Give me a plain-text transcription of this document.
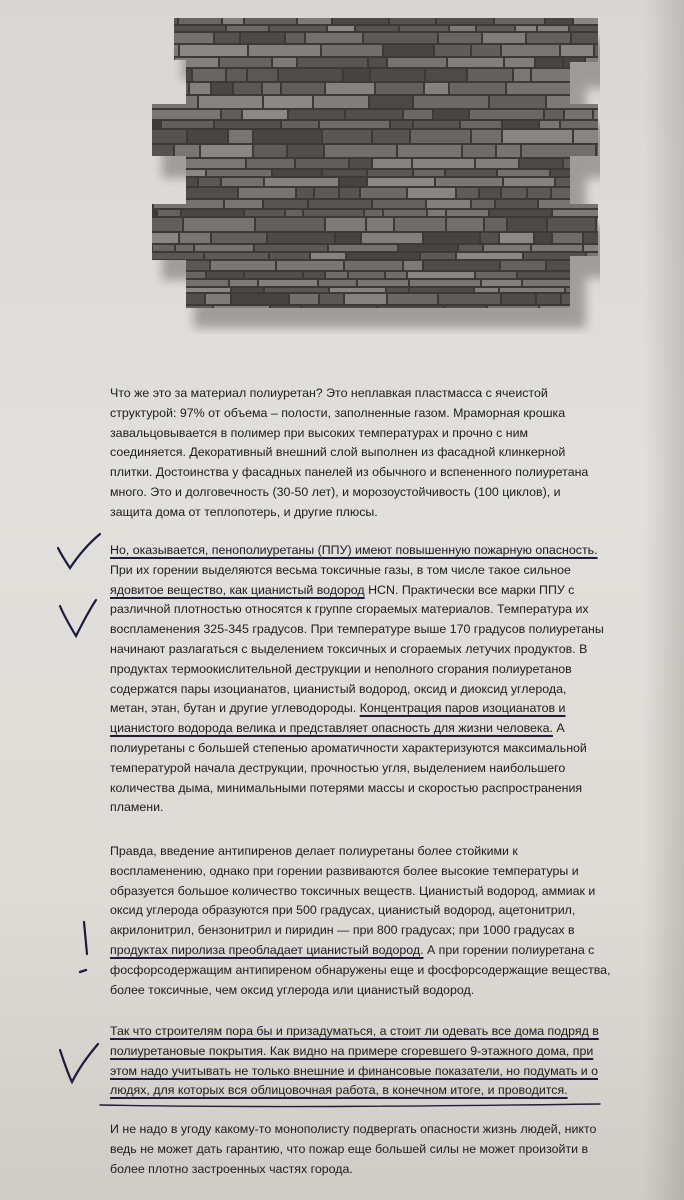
Что же это за материал полиуретан? Это неплавкая пластмасса с ячеистой
структурой: 97% от объема – полости, заполненные газом. Мраморная крошка
завальцовывается в полимер при высоких температурах и прочно с ним
соединяется. Декоративный внешний слой выполнен из фасадной клинкерной
плитки. Достоинства у фасадных панелей из обычного и вспененного полиуретана
много. Это и долговечность (30-50 лет), и морозоустойчивость (100 циклов), и
защита дома от теплопотерь, и другие плюсы.
Но, оказывается, пенополиуретаны (ППУ) имеют повышенную пожарную опасность.
При их горении выделяются весьма токсичные газы, в том числе такое сильное
ядовитое вещество, как цианистый водород HCN. Практически все марки ППУ с
различной плотностью относятся к группе сгораемых материалов. Температура их
воспламенения 325-345 градусов. При температуре выше 170 градусов полиуретаны
начинают разлагаться с выделением токсичных и сгораемых летучих продуктов. В
продуктах термоокислительной деструкции и неполного сгорания полиуретанов
содержатся пары изоцианатов, цианистый водород, оксид и диоксид углерода,
метан, этан, бутан и другие углеводороды. Концентрация паров изоцианатов и
цианистого водорода велика и представляет опасность для жизни человека. А
полиуретаны с большей степенью ароматичности характеризуются максимальной
температурой начала деструкции, прочностью угля, выделением наибольшего
количества дыма, минимальными потерями массы и скоростью распространения
пламени.
Правда, введение антипиренов делает полиуретаны более стойкими к
воспламенению, однако при горении развиваются более высокие температуры и
образуется большое количество токсичных веществ. Цианистый водород, аммиак и
оксид углерода образуются при 500 градусах, цианистый водород, ацетонитрил,
акрилонитрил, бензонитрил и пиридин — при 800 градусах; при 1000 градусах в
продуктах пиролиза преобладает цианистый водород. А при горении полиуретана с
фосфорсодержащим антипиреном обнаружены еще и фосфорсодержащие вещества,
более токсичные, чем оксид углерода или цианистый водород.
Так что строителям пора бы и призадуматься, а стоит ли одевать все дома подряд в
полиуретановые покрытия. Как видно на примере сгоревшего 9-этажного дома, при
этом надо учитывать не только внешние и финансовые показатели, но подумать и о
людях, для которых вся облицовочная работа, в конечном итоге, и проводится.
И не надо в угоду какому-то монополисту подвергать опасности жизнь людей, никто
ведь не может дать гарантию, что пожар еще большей силы не может произойти в
более плотно застроенных частях города.
